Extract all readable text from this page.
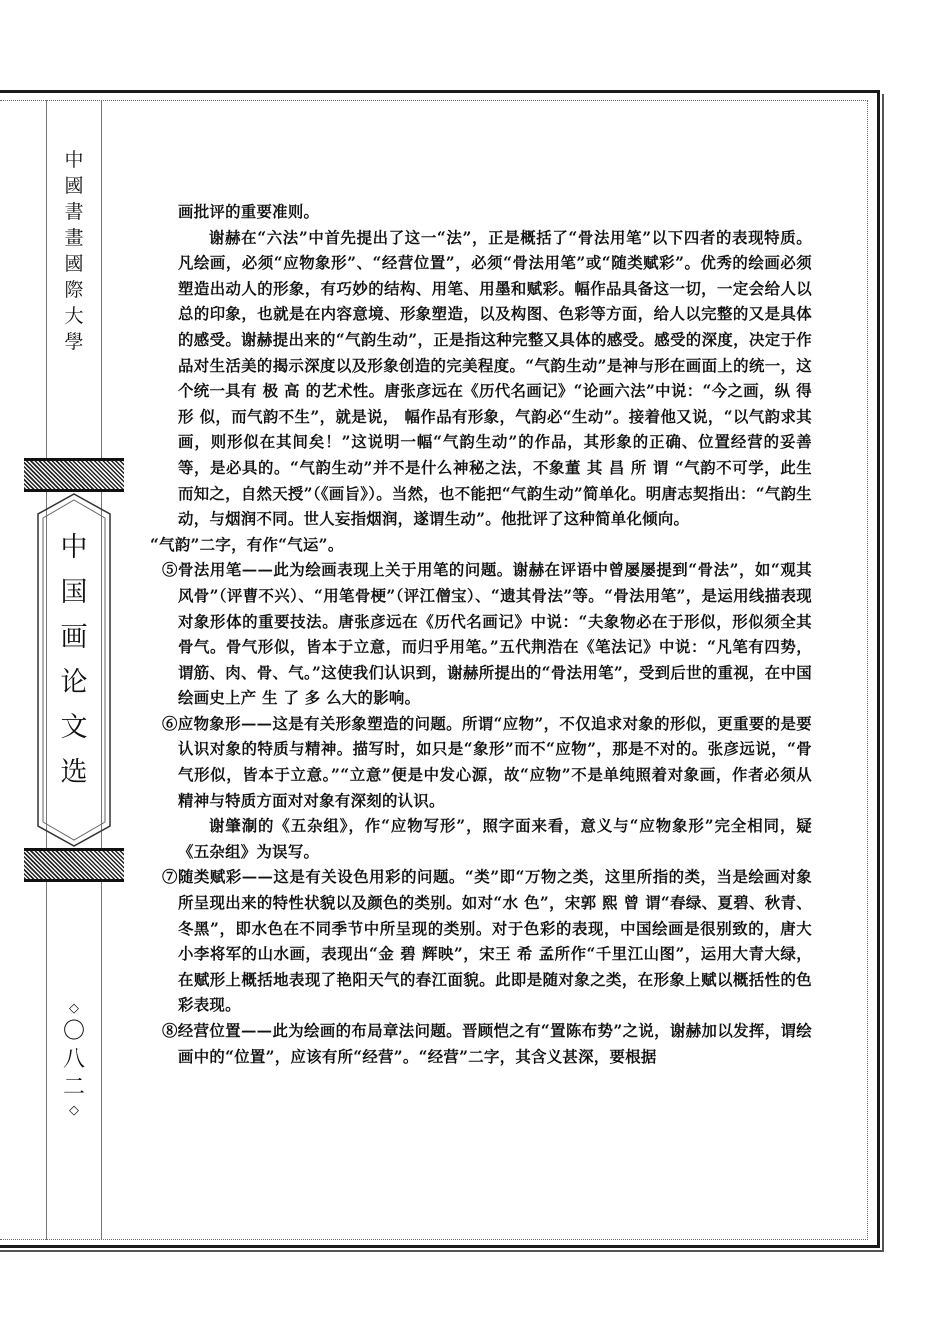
中
國
書
畫
國
際
大
學
中
国
画
论
文
选
◇
〇
八
二
◇

画批评的重要准则。

谢赫在“六法”中首先提出了这一“法”，正是概括了“骨法用笔”以下四者的表现特质。凡绘画，必须“应物象形”、“经营位置”，必须“骨法用笔”或“随类赋彩”。优秀的绘画必须塑造出动人的形象，有巧妙的结构、用笔、用墨和赋彩。幅作品具备这一切，一定会给人以总的印象，也就是在内容意境、形象塑造，以及构图、色彩等方面，给人以完整的又是具体的感受。谢赫提出来的“气韵生动”，正是指这种完整又具体的感受。感受的深度，决定于作品对生活美的揭示深度以及形象创造的完美程度。“气韵生动”是神与形在画面上的统一，这个统一具有 极 高 的艺术性。唐张彦远在《历代名画记》“论画六法”中说：“今之画，纵 得 形 似，而气韵不生”，就是说， 幅作品有形象，气韵必“生动”。接着他又说，“以气韵求其画，则形似在其间矣！”这说明一幅“气韵生动”的作品，其形象的正确、位置经营的妥善等，是必具的。“气韵生动”并不是什么神秘之法，不象董 其 昌 所 谓 “气韵不可学，此生而知之，自然天授”（《画旨》）。当然，也不能把“气韵生动”简单化。明唐志契指出：“气韵生动，与烟润不同。世人妄指烟润，遂谓生动”。他批评了这种简单化倾向。

“气韵”二字，有作“气运”。

⑤骨法用笔——此为绘画表现上关于用笔的问题。谢赫在评语中曾屡屡提到“骨法”，如“观其风骨”（评曹不兴）、“用笔骨梗”（评江僧宝）、“遗其骨法”等。“骨法用笔”，是运用线描表现对象形体的重要技法。唐张彦远在《历代名画记》中说：“夫象物必在于形似，形似须全其骨气。骨气形似，皆本于立意，而归乎用笔。”五代荆浩在《笔法记》中说：“凡笔有四势，谓筋、肉、骨、气。”这使我们认识到，谢赫所提出的“骨法用笔”，受到后世的重视，在中国绘画史上产 生 了 多 么大的影响。

⑥应物象形——这是有关形象塑造的问题。所谓“应物”，不仅追求对象的形似，更重要的是要认识对象的特质与精神。描写时，如只是“象形”而不“应物”，那是不对的。张彦远说，“骨气形似，皆本于立意。”“立意”便是中发心源，故“应物”不是单纯照着对象画，作者必须从精神与特质方面对对象有深刻的认识。

谢肇淛的《五杂组》，作“应物写形”，照字面来看，意义与“应物象形”完全相同，疑《五杂组》为误写。

⑦随类赋彩——这是有关设色用彩的问题。“类”即“万物之类，这里所指的类，当是绘画对象所呈现出来的特性状貌以及颜色的类别。如对“水 色”，宋郭 熙 曾 谓“春绿、夏碧、秋青、冬黑”，即水色在不同季节中所呈现的类别。对于色彩的表现，中国绘画是很别致的，唐大小李将军的山水画，表现出“金 碧 辉映”，宋王 希 孟所作“千里江山图”，运用大青大绿，在赋形上概括地表现了艳阳天气的春江面貌。此即是随对象之类，在形象上赋以概括性的色彩表现。

⑧经营位置——此为绘画的布局章法问题。晋顾恺之有“置陈布势”之说，谢赫加以发挥，谓绘画中的“位置”，应该有所“经营”。“经营”二字，其含义甚深，要根据
